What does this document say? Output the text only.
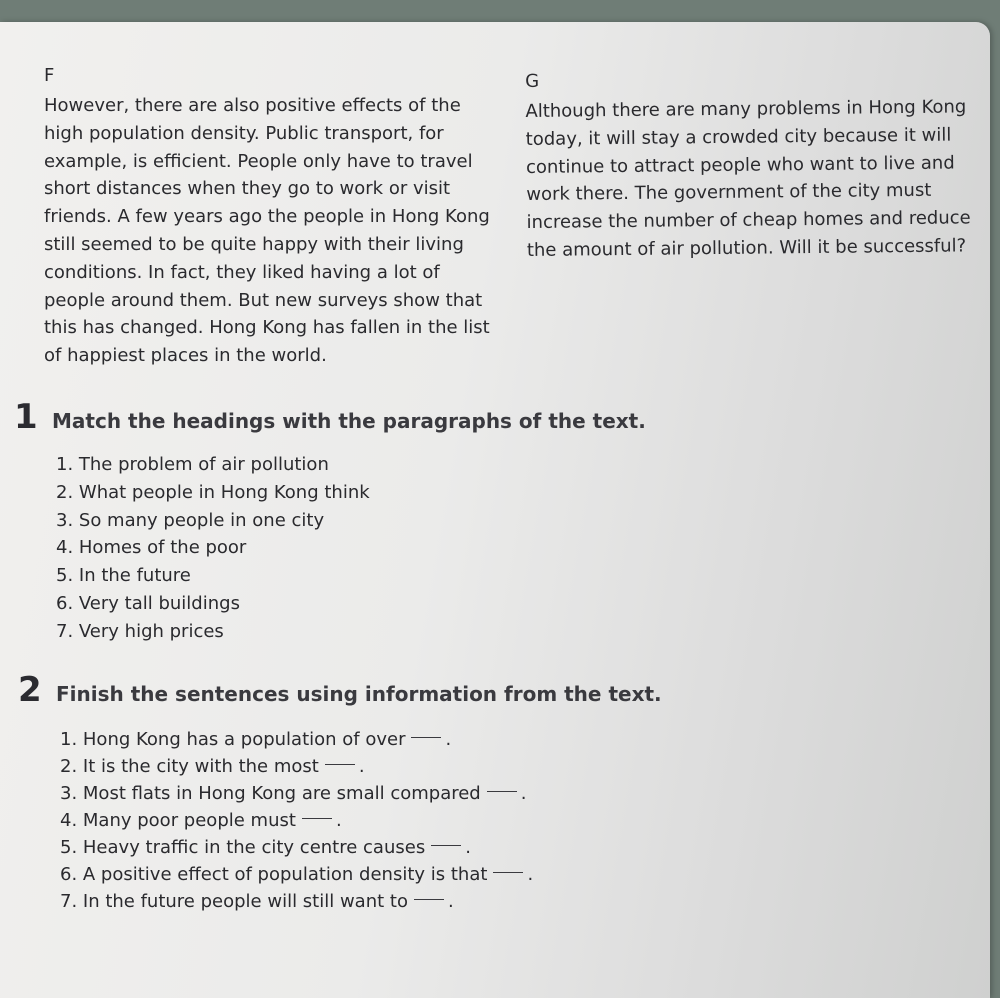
F

However, there are also positive effects of the

high population density. Public transport, for

example, is efficient. People only have to travel

short distances when they go to work or visit

friends. A few years ago the people in Hong Kong

still seemed to be quite happy with their living

conditions. In fact, they liked having a lot of

people around them. But new surveys show that

this has changed. Hong Kong has fallen in the list

of happiest places in the world.

G

Although there are many problems in Hong Kong

today, it will stay a crowded city because it will

continue to attract people who want to live and

work there. The government of the city must

increase the number of cheap homes and reduce

the amount of air pollution. Will it be successful?

1 Match the headings with the paragraphs of the text.
1. The problem of air pollution
2. What people in Hong Kong think
3. So many people in one city
4. Homes of the poor
5. In the future
6. Very tall buildings
7. Very high prices
2 Finish the sentences using information from the text.
1. Hong Kong has a population of over .
2. It is the city with the most .
3. Most flats in Hong Kong are small compared .
4. Many poor people must .
5. Heavy traffic in the city centre causes .
6. A positive effect of population density is that .
7. In the future people will still want to .
